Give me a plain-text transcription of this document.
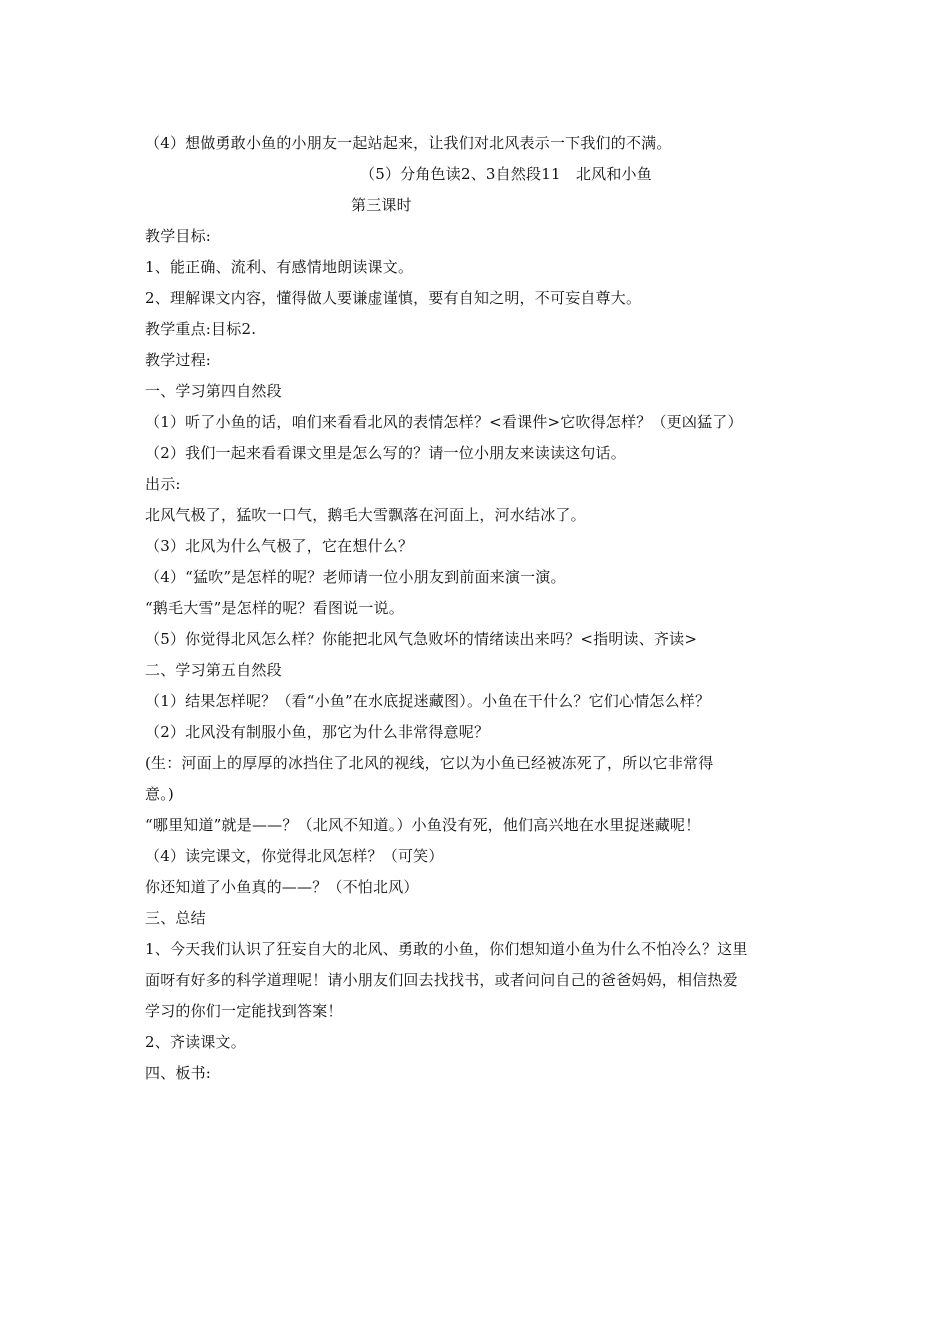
（4）想做勇敢小鱼的小朋友一起站起来，让我们对北风表示一下我们的不满。
（5）分角色读2、3自然段11　北风和小鱼
第三课时
教学目标:
1、能正确、流利、有感情地朗读课文。
2、理解课文内容，懂得做人要谦虚谨慎，要有自知之明，不可妄自尊大。
教学重点:目标2.
教学过程:
一、学习第四自然段
（1）听了小鱼的话，咱们来看看北风的表情怎样？<看课件>它吹得怎样？（更凶猛了）
（2）我们一起来看看课文里是怎么写的？请一位小朋友来读读这句话。
出示:
北风气极了，猛吹一口气，鹅毛大雪飘落在河面上，河水结冰了。
（3）北风为什么气极了，它在想什么？
（4）“猛吹”是怎样的呢？老师请一位小朋友到前面来演一演。
“鹅毛大雪”是怎样的呢？看图说一说。
（5）你觉得北风怎么样？你能把北风气急败坏的情绪读出来吗？<指明读、齐读>
二、学习第五自然段
（1）结果怎样呢？（看“小鱼”在水底捉迷藏图）。小鱼在干什么？它们心情怎么样？
（2）北风没有制服小鱼，那它为什么非常得意呢？
(生：河面上的厚厚的冰挡住了北风的视线，它以为小鱼已经被冻死了，所以它非常得
意。)
“哪里知道”就是——？（北风不知道。）小鱼没有死，他们高兴地在水里捉迷藏呢！
（4）读完课文，你觉得北风怎样？（可笑）
你还知道了小鱼真的——？（不怕北风）
三、总结
1、今天我们认识了狂妄自大的北风、勇敢的小鱼，你们想知道小鱼为什么不怕冷么？这里
面呀有好多的科学道理呢！请小朋友们回去找找书，或者问问自己的爸爸妈妈，相信热爱
学习的你们一定能找到答案！
2、齐读课文。
四、板书:
